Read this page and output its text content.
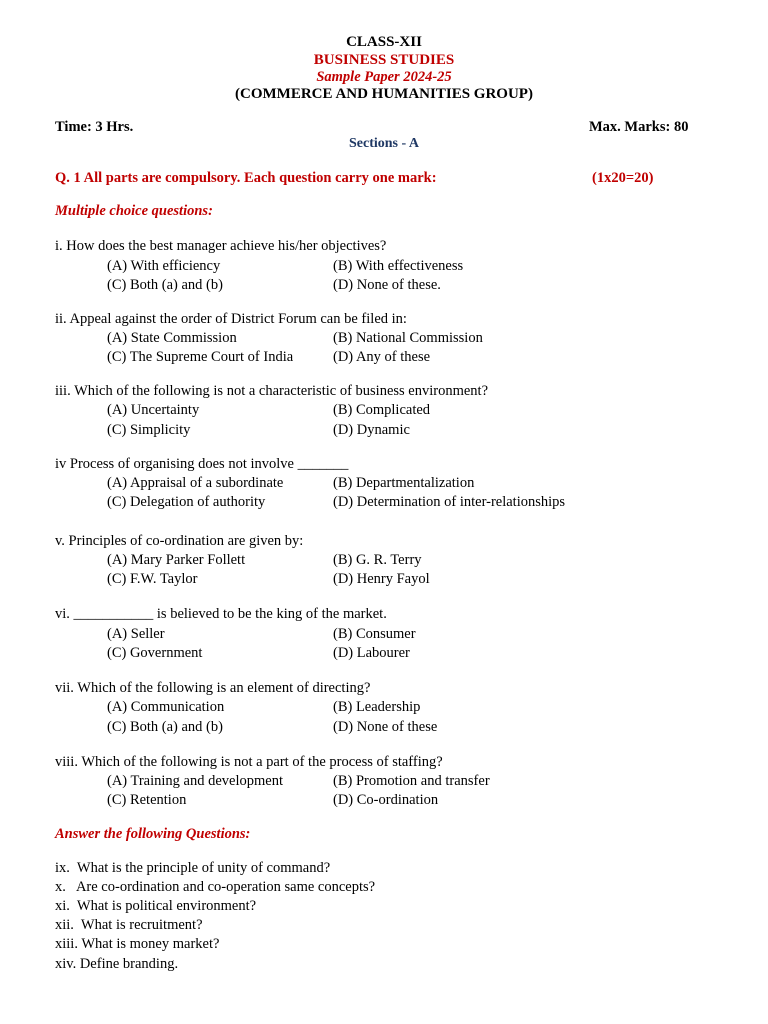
CLASS-XII
BUSINESS STUDIES
Sample Paper 2024-25
(COMMERCE AND HUMANITIES GROUP)
Time: 3 Hrs.	Max. Marks: 80
Sections - A
Q. 1 All parts are compulsory. Each question carry one mark:	(1x20=20)
Multiple choice questions:
i. How does the best manager achieve his/her objectives?
(A) With efficiency	(B) With effectiveness
(C) Both (a) and (b)	(D) None of these.
ii. Appeal against the order of District Forum can be filed in:
(A) State Commission	(B) National Commission
(C) The Supreme Court of India	(D) Any of these
iii. Which of the following is not a characteristic of business environment?
(A) Uncertainty	(B) Complicated
(C) Simplicity	(D) Dynamic
iv Process of organising does not involve _______
(A) Appraisal of a subordinate	(B) Departmentalization
(C) Delegation of authority	(D) Determination of inter-relationships
v. Principles of co-ordination are given by:
(A) Mary Parker Follett	(B) G. R. Terry
(C) F.W. Taylor	(D) Henry Fayol
vi. ___________ is believed to be the king of the market.
(A) Seller	(B) Consumer
(C) Government	(D) Labourer
vii. Which of the following is an element of directing?
(A) Communication	(B) Leadership
(C) Both (a) and (b)	(D) None of these
viii. Which of the following is not a part of the process of staffing?
(A) Training and development	(B) Promotion and transfer
(C) Retention	(D) Co-ordination
Answer the following Questions:
ix.  What is the principle of unity of command?
x.   Are co-ordination and co-operation same concepts?
xi.  What is political environment?
xii.  What is recruitment?
xiii. What is money market?
xiv. Define branding.
